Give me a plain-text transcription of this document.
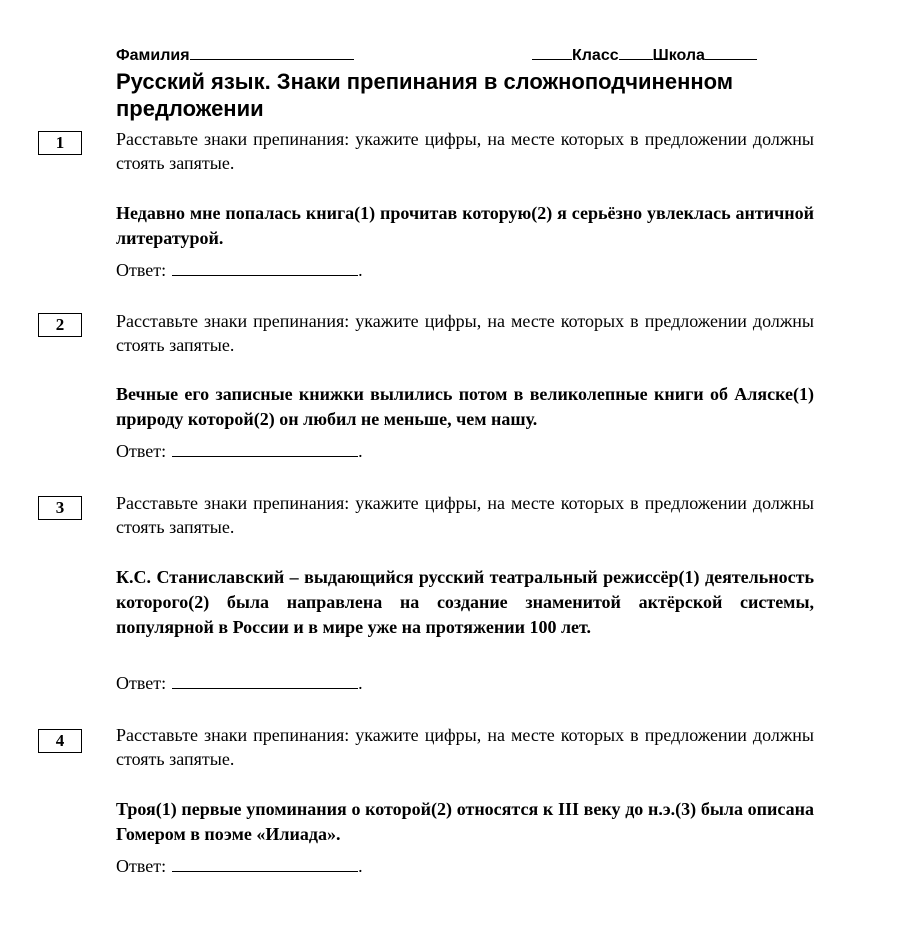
Фамилия	Класс Школа
Русский язык. Знаки препинания в сложноподчиненном предложении
1	Расставьте знаки препинания: укажите цифры, на месте которых в предложении должны стоять запятые.
Недавно мне попалась книга(1) прочитав которую(2) я серьёзно увлеклась античной литературой.
Ответ:	.
2	Расставьте знаки препинания: укажите цифры, на месте которых в предложении должны стоять запятые.
Вечные его записные книжки вылились потом в великолепные книги об Аляске(1) природу которой(2) он любил не меньше, чем нашу.
Ответ:	.
3	Расставьте знаки препинания: укажите цифры, на месте которых в предложении должны стоять запятые.
К.С. Станиславский – выдающийся русский театральный режиссёр(1) деятельность которого(2) была направлена на создание знаменитой актёрской системы, популярной в России и в мире уже на протяжении 100 лет.
Ответ:	.
4	Расставьте знаки препинания: укажите цифры, на месте которых в предложении должны стоять запятые.
Троя(1) первые упоминания о которой(2) относятся к III веку до н.э.(3) была описана Гомером в поэме «Илиада».
Ответ:	.
